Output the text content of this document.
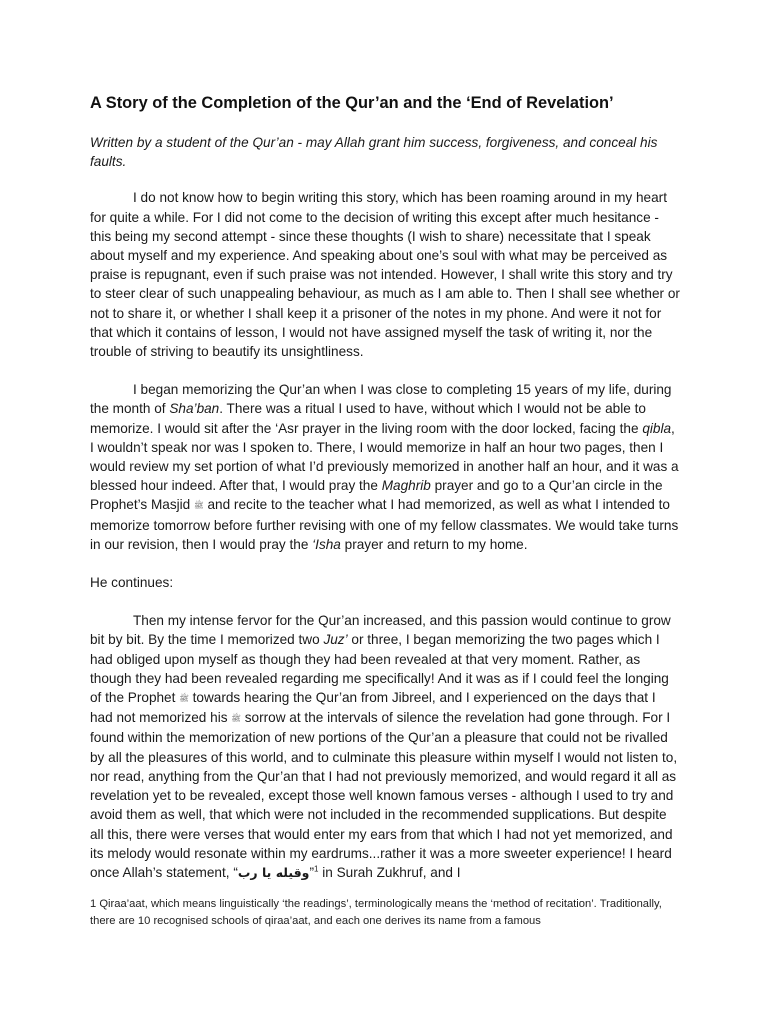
A Story of the Completion of the Qur’an and the ‘End of Revelation’

Written by a student of the Qur’an - may Allah grant him success, forgiveness, and conceal his faults.

I do not know how to begin writing this story, which has been roaming around in my heart for quite a while. For I did not come to the decision of writing this except after much hesitance - this being my second attempt - since these thoughts (I wish to share) necessitate that I speak about myself and my experience. And speaking about one’s soul with what may be perceived as praise is repugnant, even if such praise was not intended. However, I shall write this story and try to steer clear of such unappealing behaviour, as much as I am able to. Then I shall see whether or not to share it, or whether I shall keep it a prisoner of the notes in my phone. And were it not for that which it contains of lesson, I would not have assigned myself the task of writing it, nor the trouble of striving to beautify its unsightliness.

I began memorizing the Qur’an when I was close to completing 15 years of my life, during the month of Sha’ban. There was a ritual I used to have, without which I would not be able to memorize. I would sit after the ‘Asr prayer in the living room with the door locked, facing the qibla, I wouldn’t speak nor was I spoken to. There, I would memorize in half an hour two pages, then I would review my set portion of what I’d previously memorized in another half an hour, and it was a blessed hour indeed. After that, I would pray the Maghrib prayer and go to a Qur’an circle in the Prophet’s Masjid ﷺ and recite to the teacher what I had memorized, as well as what I intended to memorize tomorrow before further revising with one of my fellow classmates. We would take turns in our revision, then I would pray the ‘Isha prayer and return to my home.

He continues:

Then my intense fervor for the Qur’an increased, and this passion would continue to grow bit by bit. By the time I memorized two Juz’ or three, I began memorizing the two pages which I had obliged upon myself as though they had been revealed at that very moment. Rather, as though they had been revealed regarding me specifically! And it was as if I could feel the longing of the Prophet ﷺ towards hearing the Qur’an from Jibreel, and I experienced on the days that I had not memorized his ﷺ sorrow at the intervals of silence the revelation had gone through. For I found within the memorization of new portions of the Qur’an a pleasure that could not be rivalled by all the pleasures of this world, and to culminate this pleasure within myself I would not listen to, nor read, anything from the Qur’an that I had not previously memorized, and would regard it all as revelation yet to be revealed, except those well known famous verses - although I used to try and avoid them as well, that which were not included in the recommended supplications. But despite all this, there were verses that would enter my ears from that which I had not yet memorized, and its melody would resonate within my eardrums...rather it was a more sweeter experience! I heard once Allah’s statement, “وقيله يا رب”$^1$ in Surah Zukhruf, and I

1 Qiraa’aat, which means linguistically ‘the readings’, terminologically means the ‘method of recitation’. Traditionally, there are 10 recognised schools of qiraa’aat, and each one derives its name from a famous
